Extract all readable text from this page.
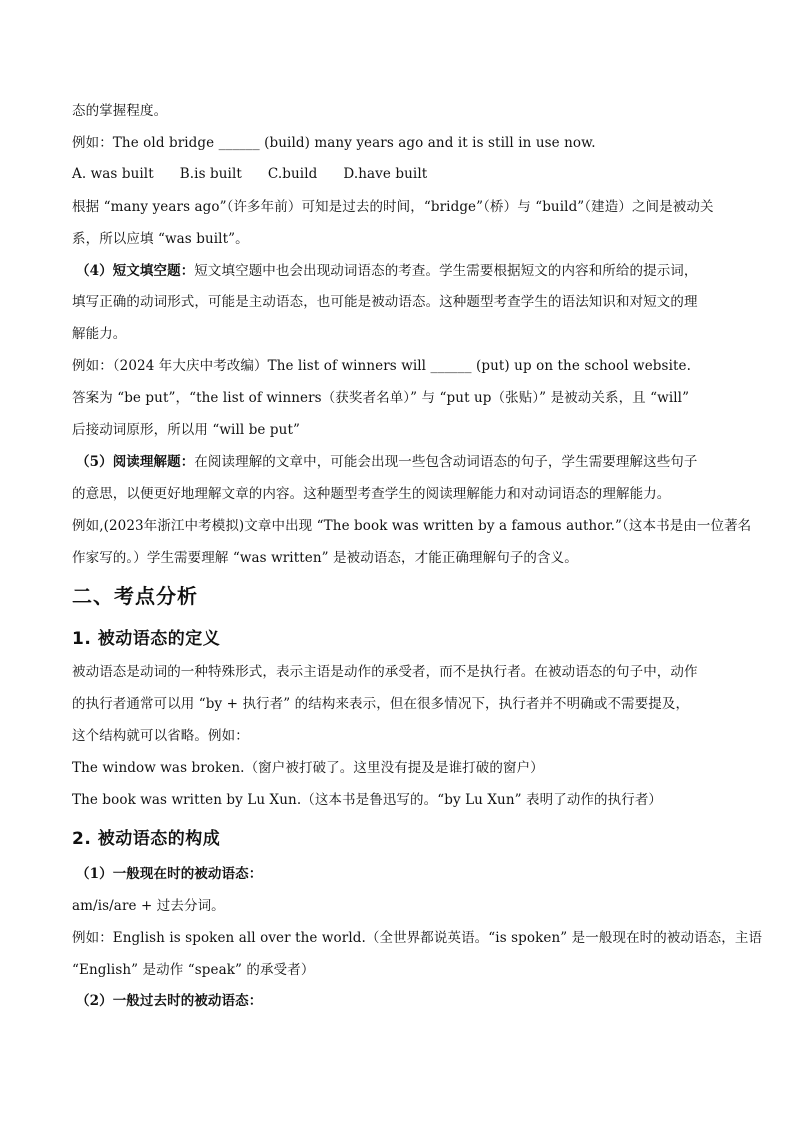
态的掌握程度。
例如：The old bridge ______ (build) many years ago and it is still in use now.
A. was built B.is built C.build D.have built
根据 “many years ago”（许多年前）可知是过去的时间，“bridge”（桥）与 “build”（建造）之间是被动关
系，所以应填 “was built”。
（4）短文填空题：短文填空题中也会出现动词语态的考查。学生需要根据短文的内容和所给的提示词，
填写正确的动词形式，可能是主动语态，也可能是被动语态。这种题型考查学生的语法知识和对短文的理
解能力。
例如：（2024 年大庆中考改编）The list of winners will ______ (put) up on the school website.
答案为 “be put”，“the list of winners（获奖者名单）” 与 “put up（张贴）” 是被动关系，且 “will”
后接动词原形，所以用 “will be put”
（5）阅读理解题：在阅读理解的文章中，可能会出现一些包含动词语态的句子，学生需要理解这些句子
的意思，以便更好地理解文章的内容。这种题型考查学生的阅读理解能力和对动词语态的理解能力。
例如,(2023年浙江中考模拟)文章中出现 “The book was written by a famous author.”（这本书是由一位著名
作家写的。）学生需要理解 “was written” 是被动语态，才能正确理解句子的含义。
二、考点分析
1. 被动语态的定义
被动语态是动词的一种特殊形式，表示主语是动作的承受者，而不是执行者。在被动语态的句子中，动作
的执行者通常可以用 “by + 执行者” 的结构来表示，但在很多情况下，执行者并不明确或不需要提及，
这个结构就可以省略。例如：
The window was broken.（窗户被打破了。这里没有提及是谁打破的窗户）
The book was written by Lu Xun.（这本书是鲁迅写的。“by Lu Xun” 表明了动作的执行者）
2. 被动语态的构成
（1）一般现在时的被动语态：
am/is/are + 过去分词。
例如：English is spoken all over the world.（全世界都说英语。“is spoken” 是一般现在时的被动语态，主语
“English” 是动作 “speak” 的承受者）
（2）一般过去时的被动语态：
